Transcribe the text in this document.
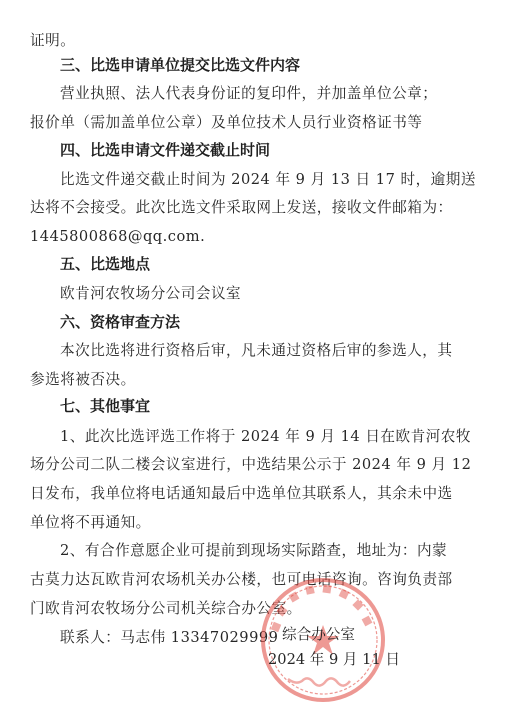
证明。
三、比选申请单位提交比选文件内容
营业执照、法人代表身份证的复印件，并加盖单位公章；
报价单（需加盖单位公章）及单位技术人员行业资格证书等
四、比选申请文件递交截止时间
比选文件递交截止时间为 2024 年 9 月 13 日 17 时，逾期送
达将不会接受。此次比选文件采取网上发送，接收文件邮箱为：
1445800868@qq.com.
五、比选地点
欧肯河农牧场分公司会议室
六、资格审查方法
本次比选将进行资格后审，凡未通过资格后审的参选人，其
参选将被否决。
七、其他事宜
1、此次比选评选工作将于 2024 年 9 月 14 日在欧肯河农牧
场分公司二队二楼会议室进行，中选结果公示于 2024 年 9 月 12
日发布，我单位将电话通知最后中选单位其联系人，其余未中选
单位将不再通知。
2、有合作意愿企业可提前到现场实际踏查，地址为：内蒙
古莫力达瓦欧肯河农场机关办公楼，也可电话咨询。咨询负责部
门欧肯河农牧场分公司机关综合办公室。
联系人：马志伟 13347029999 综合办公室
2024 年 9 月 11 日
